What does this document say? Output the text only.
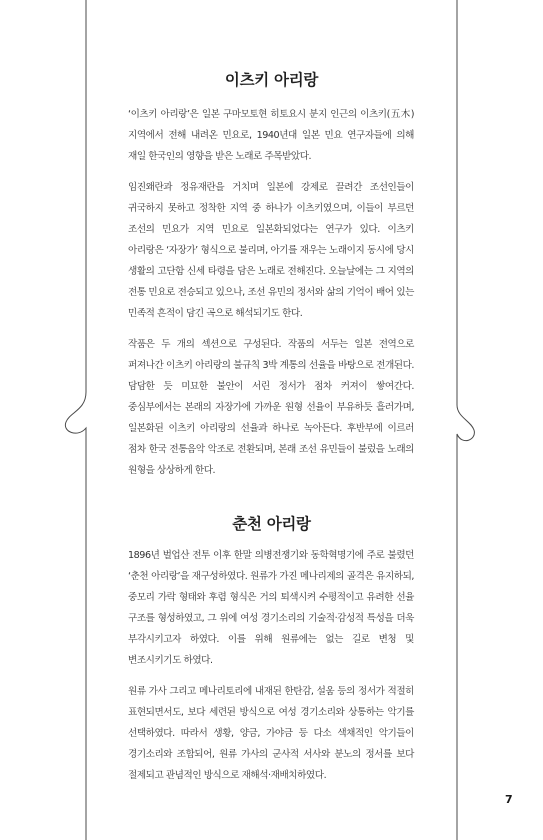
이츠키 아리랑

‘이츠키 아리랑’은 일본 구마모토현 히토요시 분지 인근의 이츠키(五木) 지역에서 전해 내려온 민요로, 1940년대 일본 민요 연구자들에 의해 재일 한국인의 영향을 받은 노래로 주목받았다.

임진왜란과 정유재란을 거치며 일본에 강제로 끌려간 조선인들이 귀국하지 못하고 정착한 지역 중 하나가 이츠키였으며, 이들이 부르던 조선의 민요가 지역 민요로 일본화되었다는 연구가 있다. 이츠키 아리랑은 ‘자장가’ 형식으로 불리며, 아기를 재우는 노래이지 동시에 당시 생활의 고단함 신세 타령을 담은 노래로 전해진다. 오늘날에는 그 지역의 전통 민요로 전승되고 있으나, 조선 유민의 정서와 삶의 기억이 배어 있는 민족적 흔적이 담긴 곡으로 해석되기도 한다.

작품은 두 개의 섹션으로 구성된다. 작품의 서두는 일본 전역으로 퍼져나간 이츠키 아리랑의 불규칙 3박 계통의 선율을 바탕으로 전개된다. 담담한 듯 미묘한 불안이 서린 정서가 점차 커져이 쌓여간다. 중심부에서는 본래의 자장가에 가까운 원형 선율이 부유하듯 흘러가며, 일본화된 이츠키 아리랑의 선율과 하나로 녹아든다. 후반부에 이르러 점차 한국 전통음악 악조로 전환되며, 본래 조선 유민들이 불렀을 노래의 원형을 상상하게 한다.

춘천 아리랑

1896년 벌업산 전투 이후 한말 의병전쟁기와 동학혁명기에 주로 불렸던 ‘춘천 아리랑’을 재구성하였다. 원류가 가진 메나리제의 골격은 유지하되, 중모리 가락 형태와 후렴 형식은 거의 퇴색시켜 수평적이고 유려한 선율 구조를 형성하였고, 그 위에 여성 경기소리의 기술적·감성적 특성을 더욱 부각시키고자 하였다. 이를 위해 원류에는 없는 길로 변청 및 변조시키기도 하였다.

원류 가사 그리고 메나리토리에 내재된 한탄감, 설움 등의 정서가 적절히 표현되면서도, 보다 세련된 방식으로 여성 경기소리와 상통하는 악기를 선택하였다. 따라서 생황, 양금, 가야금 등 다소 색채적인 악기들이 경기소리와 조합되어, 원류 가사의 군사적 서사와 분노의 정서를 보다 절제되고 관념적인 방식으로 재해석·재배치하였다.

7
